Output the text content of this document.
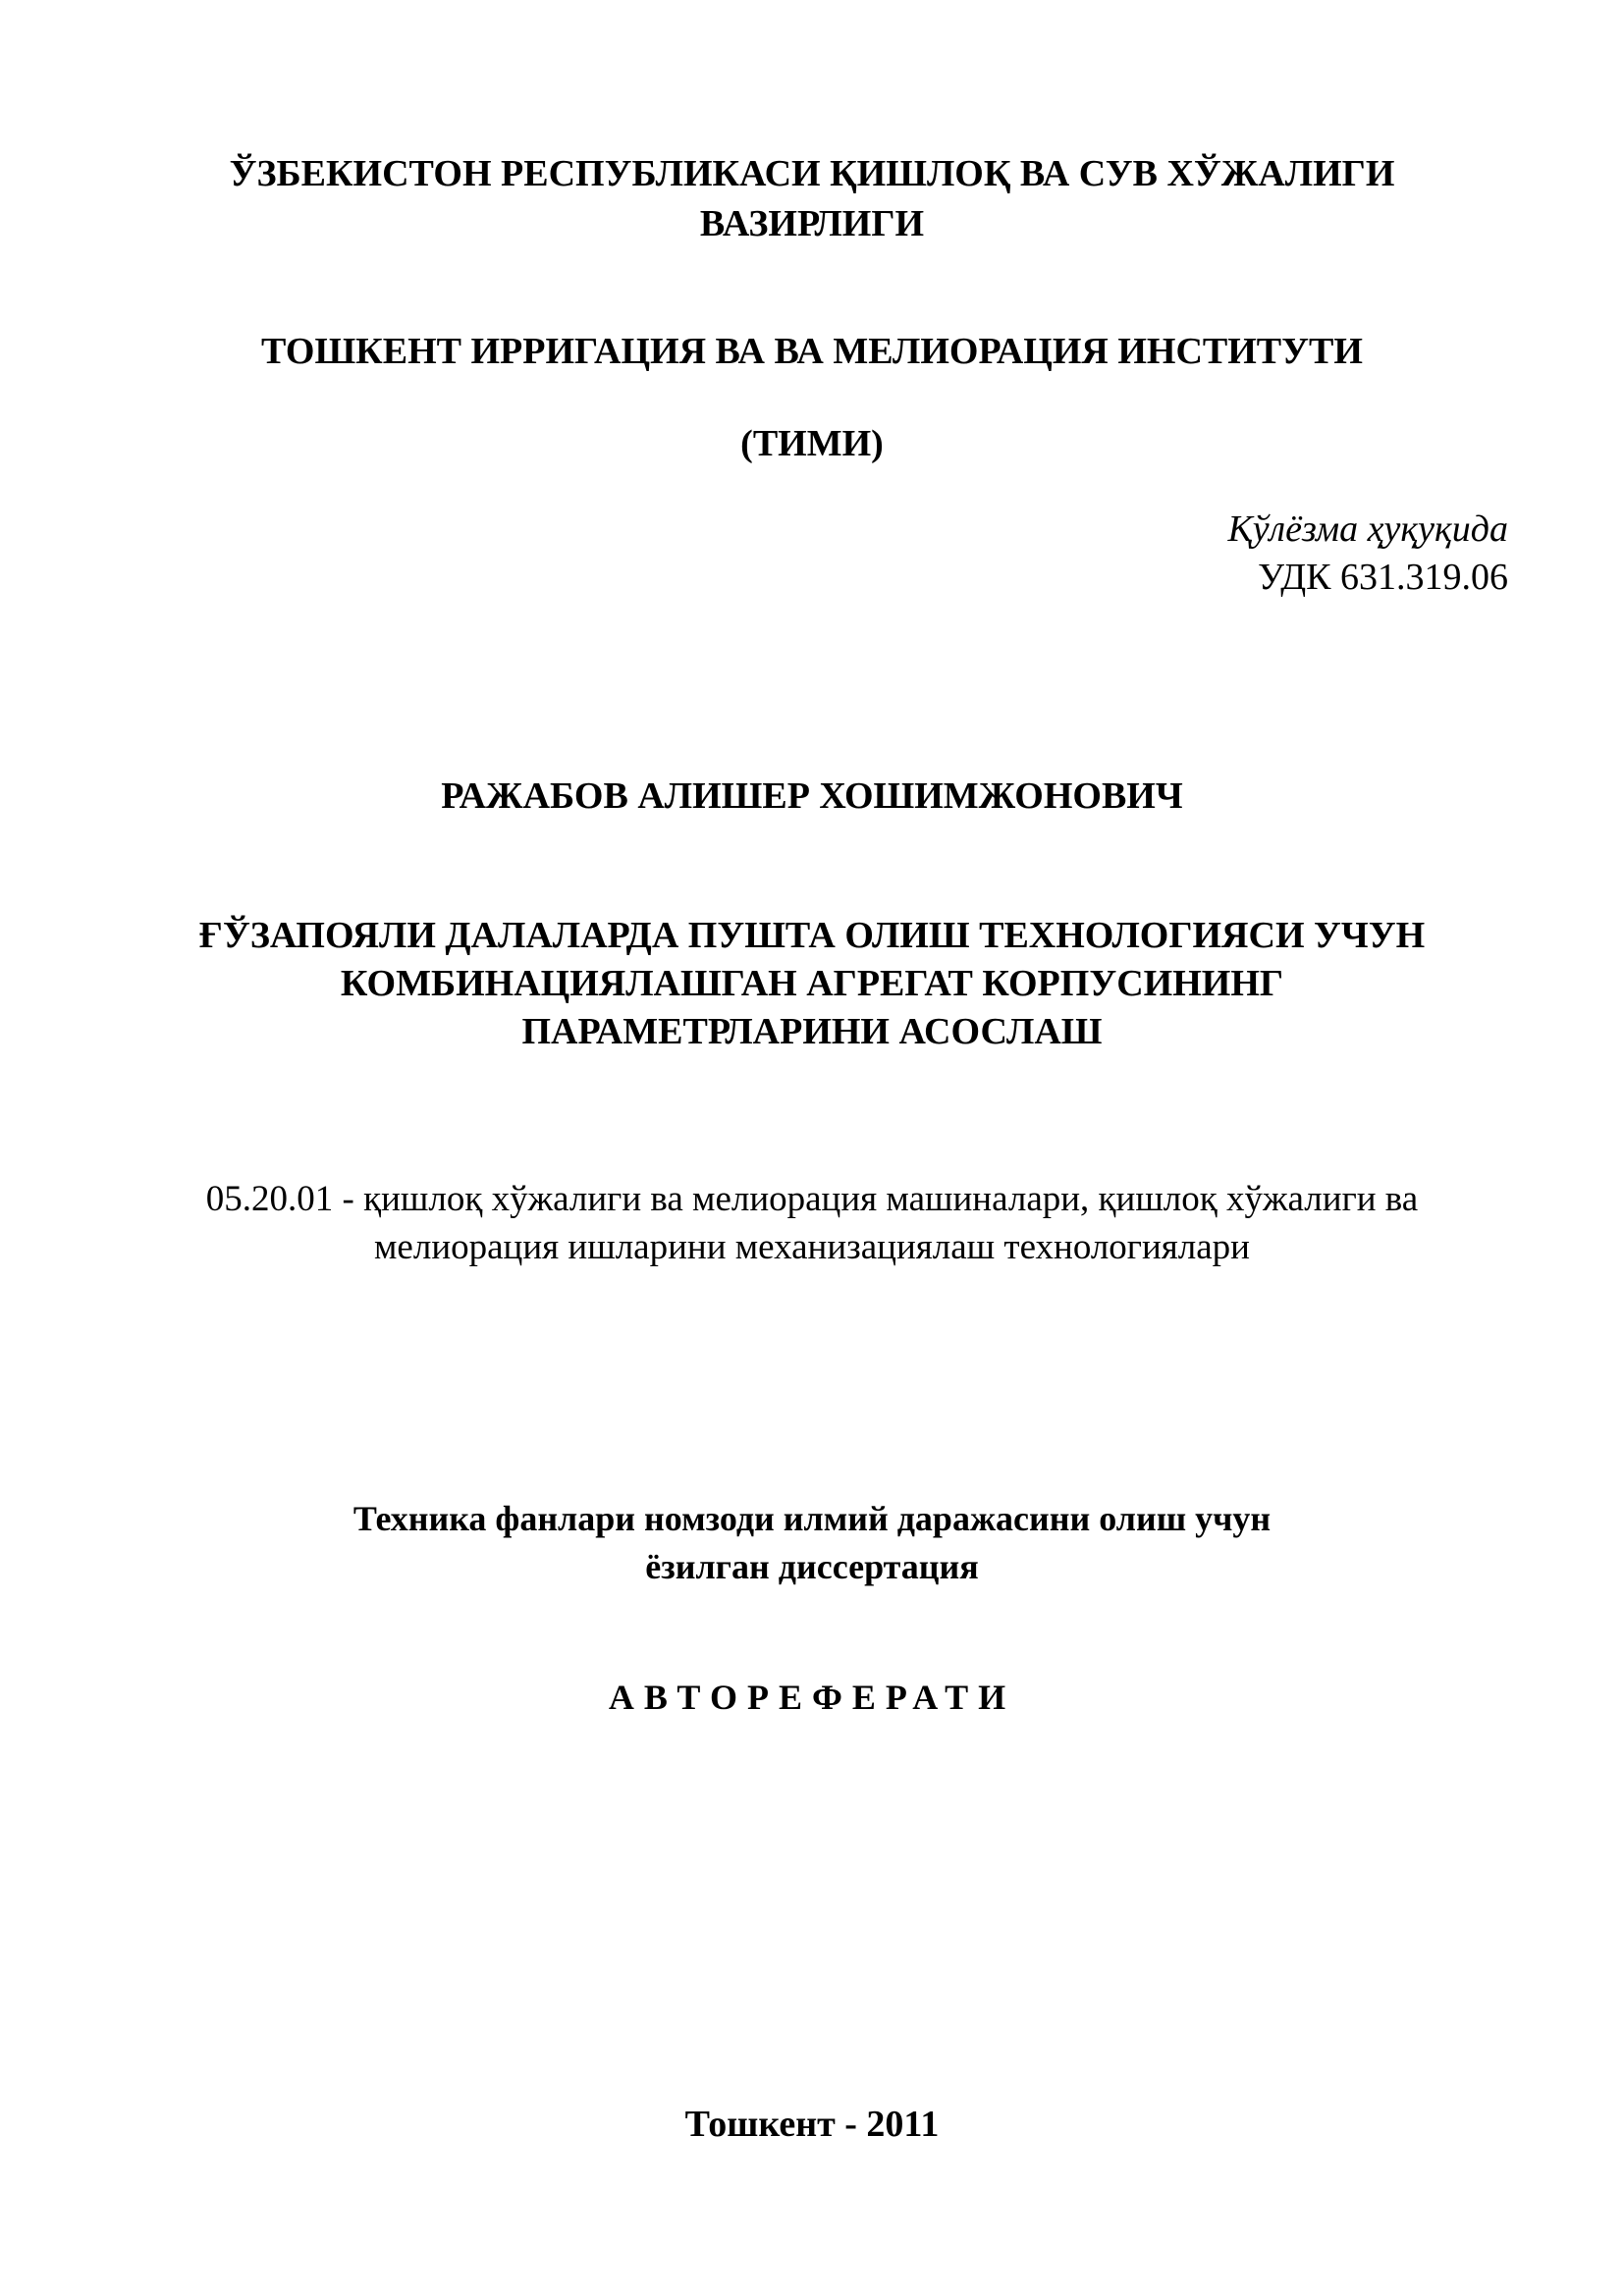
ЎЗБЕКИСТОН РЕСПУБЛИКАСИ ҚИШЛОҚ ВА СУВ ХЎЖАЛИГИ
ВАЗИРЛИГИ
ТОШКЕНТ ИРРИГАЦИЯ ВА ВА МЕЛИОРАЦИЯ ИНСТИТУТИ
(ТИМИ)
Қўлёзма ҳуқуқида
УДК 631.319.06
РАЖАБОВ АЛИШЕР ХОШИМЖОНОВИЧ
ҒЎЗАПОЯЛИ ДАЛАЛАРДА ПУШТА ОЛИШ ТЕХНОЛОГИЯСИ УЧУН
КОМБИНАЦИЯЛАШГАН АГРЕГАТ КОРПУСИНИНГ
ПАРАМЕТРЛАРИНИ АСОСЛАШ
05.20.01 - қишлоқ хўжалиги ва мелиорация машиналари, қишлоқ хўжалиги ва
мелиорация ишларини механизациялаш технологиялари
Техника фанлари номзоди илмий даражасини олиш учун
ёзилган диссертация
АВТОРЕФЕРАТИ
Тошкент - 2011
